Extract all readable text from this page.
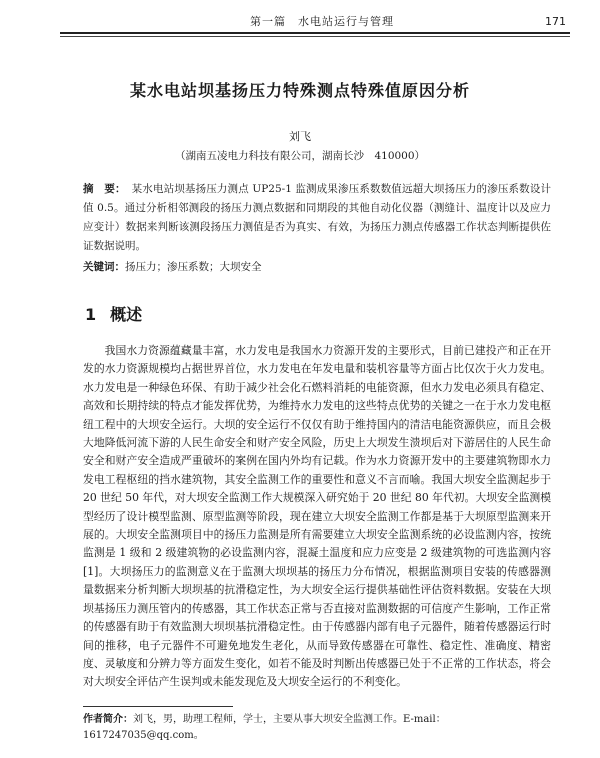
第一篇　水电站运行与管理	171
某水电站坝基扬压力特殊测点特殊值原因分析
刘飞
（湖南五凌电力科技有限公司，湖南长沙　410000）
摘　要： 某水电站坝基扬压力测点 UP25-1 监测成果渗压系数数值远超大坝扬压力的渗压系数设计值 0.5。通过分析相邻测段的扬压力测点数据和同期段的其他自动化仪器（测缝计、温度计以及应力应变计）数据来判断该测段扬压力测值是否为真实、有效，为扬压力测点传感器工作状态判断提供佐证数据说明。
关键词：扬压力；渗压系数；大坝安全
1 概述
我国水力资源蕴藏量丰富，水力发电是我国水力资源开发的主要形式，目前已建投产和正在开发的水力资源规模均占据世界首位，水力发电在年发电量和装机容量等方面占比仅次于火力发电。水力发电是一种绿色环保、有助于减少社会化石燃料消耗的电能资源，但水力发电必须具有稳定、高效和长期持续的特点才能发挥优势，为维持水力发电的这些特点优势的关键之一在于水力发电枢纽工程中的大坝安全运行。大坝的安全运行不仅仅有助于维持国内的清洁电能资源供应，而且会极大地降低河流下游的人民生命安全和财产安全风险，历史上大坝发生溃坝后对下游居住的人民生命安全和财产安全造成严重破坏的案例在国内外均有记载。作为水力资源开发中的主要建筑物即水力发电工程枢纽的挡水建筑物，其安全监测工作的重要性和意义不言而喻。我国大坝安全监测起步于 20 世纪 50 年代，对大坝安全监测工作大规模深入研究始于 20 世纪 80 年代初。大坝安全监测模型经历了设计模型监测、原型监测等阶段，现在建立大坝安全监测工作都是基于大坝原型监测来开展的。大坝安全监测项目中的扬压力监测是所有需要建立大坝安全监测系统的必设监测内容，按统监测是 1 级和 2 级建筑物的必设监测内容，混凝土温度和应力应变是 2 级建筑物的可选监测内容[1]。大坝扬压力的监测意义在于监测大坝坝基的扬压力分布情况，根据监测项目安装的传感器测量数据来分析判断大坝坝基的抗滑稳定性，为大坝安全运行提供基础性评估资料数据。安装在大坝坝基扬压力测压管内的传感器，其工作状态正常与否直接对监测数据的可信度产生影响，工作正常的传感器有助于有效监测大坝坝基抗滑稳定性。由于传感器内部有电子元器件，随着传感器运行时间的推移，电子元器件不可避免地发生老化，从而导致传感器在可靠性、稳定性、准确度、精密度、灵敏度和分辨力等方面发生变化，如若不能及时判断出传感器已处于不正常的工作状态，将会对大坝安全评估产生误判或未能发现危及大坝安全运行的不利变化。
作者简介：刘飞，男，助理工程师，学士，主要从事大坝安全监测工作。E-mail：1617247035@qq.com。
